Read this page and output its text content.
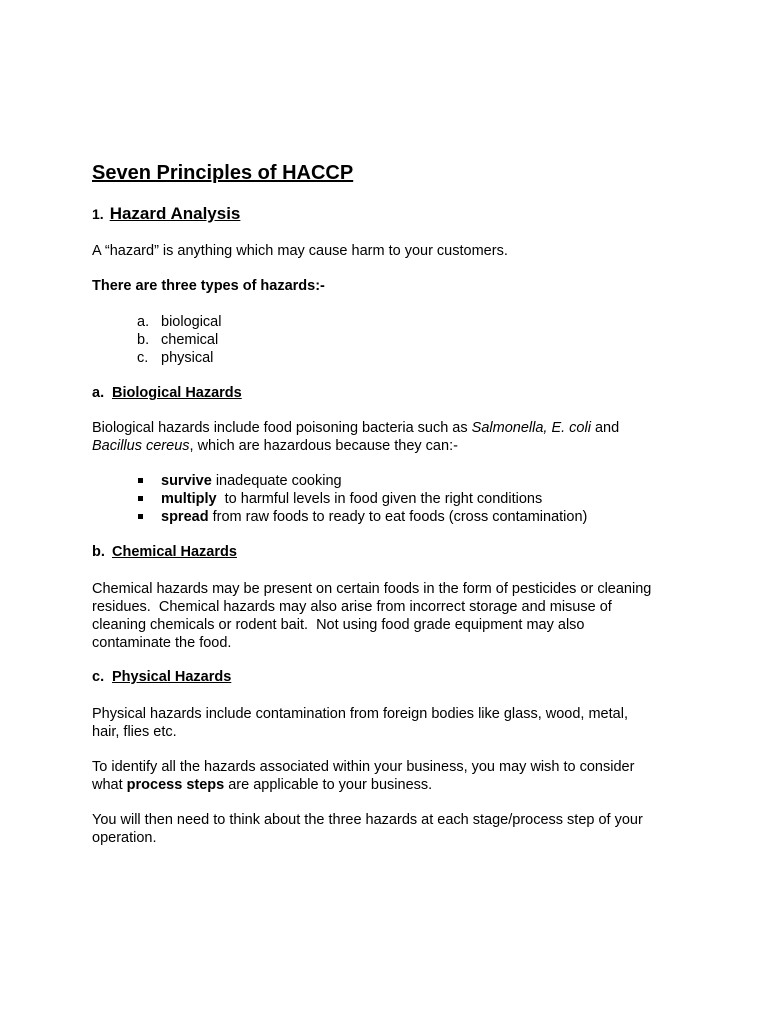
Seven Principles of HACCP
1. Hazard Analysis

A “hazard” is anything which may cause harm to your customers.

There are three types of hazards:-

a. biological
b. chemical
c. physical

a. Biological Hazards

Biological hazards include food poisoning bacteria such as Salmonella, E. coli and
Bacillus cereus, which are hazardous because they can:-

survive inadequate cooking
multiply  to harmful levels in food given the right conditions
spread from raw foods to ready to eat foods (cross contamination)

b. Chemical Hazards

Chemical hazards may be present on certain foods in the form of pesticides or cleaning
residues.  Chemical hazards may also arise from incorrect storage and misuse of
cleaning chemicals or rodent bait.  Not using food grade equipment may also
contaminate the food.

c. Physical Hazards

Physical hazards include contamination from foreign bodies like glass, wood, metal,
hair, flies etc.

To identify all the hazards associated within your business, you may wish to consider
what process steps are applicable to your business.

You will then need to think about the three hazards at each stage/process step of your
operation.
